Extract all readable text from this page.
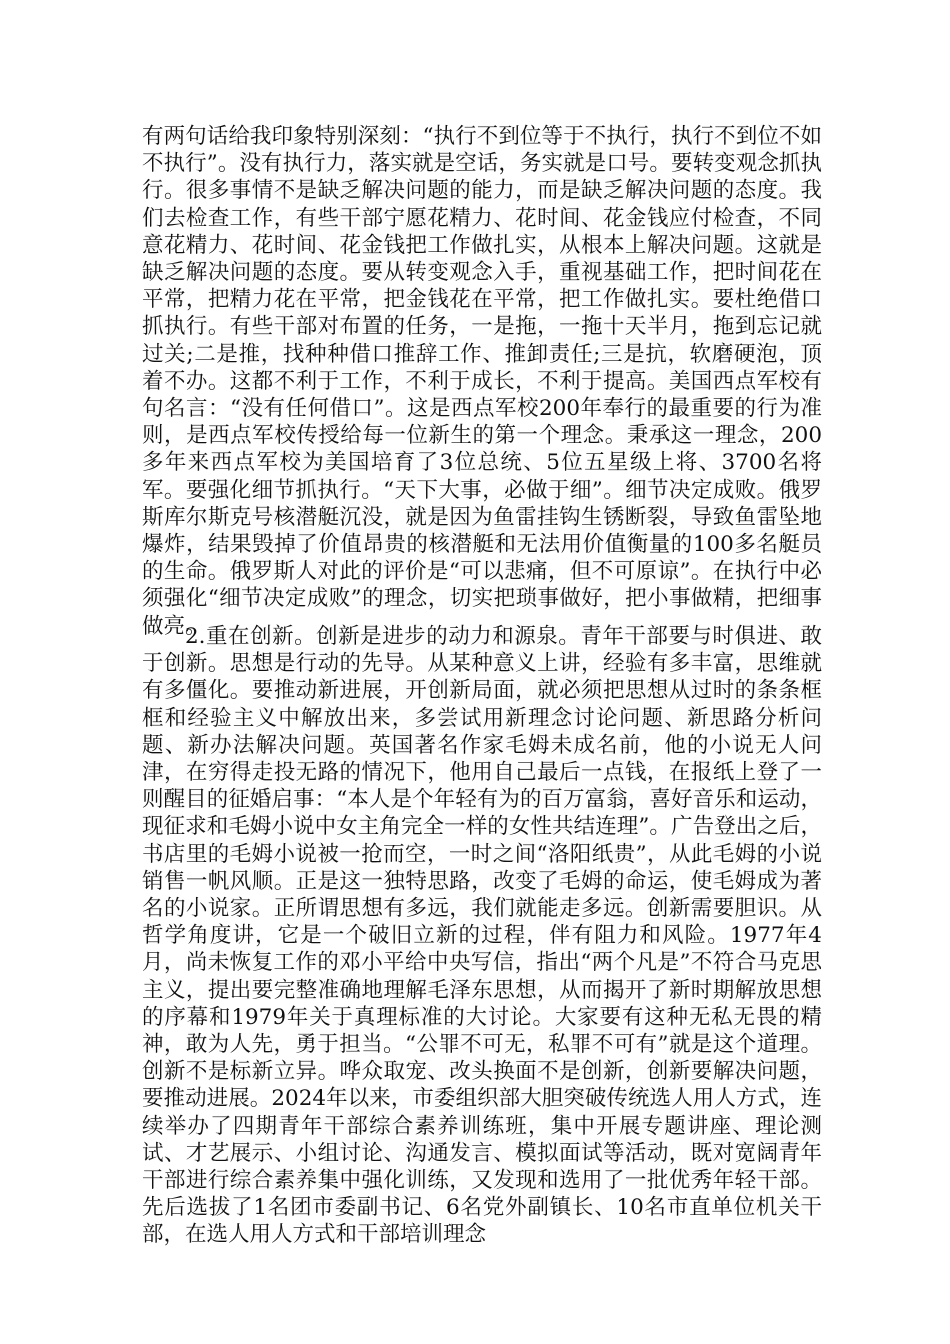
有两句话给我印象特别深刻：“执行不到位等于不执行，执行不到位不如不执行”。没有执行力，落实就是空话，务实就是口号。要转变观念抓执行。很多事情不是缺乏解决问题的能力，而是缺乏解决问题的态度。我们去检查工作，有些干部宁愿花精力、花时间、花金钱应付检查，不同意花精力、花时间、花金钱把工作做扎实，从根本上解决问题。这就是缺乏解决问题的态度。要从转变观念入手，重视基础工作，把时间花在平常，把精力花在平常，把金钱花在平常，把工作做扎实。要杜绝借口抓执行。有些干部对布置的任务，一是拖，一拖十天半月，拖到忘记就过关;二是推，找种种借口推辞工作、推卸责任;三是抗，软磨硬泡，顶着不办。这都不利于工作，不利于成长，不利于提高。美国西点军校有句名言：“没有任何借口”。这是西点军校200年奉行的最重要的行为准则，是西点军校传授给每一位新生的第一个理念。秉承这一理念，200多年来西点军校为美国培育了3位总统、5位五星级上将、3700名将军。要强化细节抓执行。“天下大事，必做于细”。细节决定成败。俄罗斯库尔斯克号核潜艇沉没，就是因为鱼雷挂钩生锈断裂，导致鱼雷坠地爆炸，结果毁掉了价值昂贵的核潜艇和无法用价值衡量的100多名艇员的生命。俄罗斯人对此的评价是“可以悲痛，但不可原谅”。在执行中必须强化“细节决定成败”的理念，切实把琐事做好，把小事做精，把细事做亮。

2.重在创新。创新是进步的动力和源泉。青年干部要与时俱进、敢于创新。思想是行动的先导。从某种意义上讲，经验有多丰富，思维就有多僵化。要推动新进展，开创新局面，就必须把思想从过时的条条框框和经验主义中解放出来，多尝试用新理念讨论问题、新思路分析问题、新办法解决问题。英国著名作家毛姆未成名前，他的小说无人问津，在穷得走投无路的情况下，他用自己最后一点钱，在报纸上登了一则醒目的征婚启事：“本人是个年轻有为的百万富翁，喜好音乐和运动，现征求和毛姆小说中女主角完全一样的女性共结连理”。广告登出之后，书店里的毛姆小说被一抢而空，一时之间“洛阳纸贵”，从此毛姆的小说销售一帆风顺。正是这一独特思路，改变了毛姆的命运，使毛姆成为著名的小说家。正所谓思想有多远，我们就能走多远。创新需要胆识。从哲学角度讲，它是一个破旧立新的过程，伴有阻力和风险。1977年4月，尚未恢复工作的邓小平给中央写信，指出“两个凡是”不符合马克思主义，提出要完整准确地理解毛泽东思想，从而揭开了新时期解放思想的序幕和1979年关于真理标准的大讨论。大家要有这种无私无畏的精神，敢为人先，勇于担当。“公罪不可无，私罪不可有”就是这个道理。创新不是标新立异。哗众取宠、改头换面不是创新，创新要解决问题，要推动进展。2024年以来，市委组织部大胆突破传统选人用人方式，连续举办了四期青年干部综合素养训练班，集中开展专题讲座、理论测试、才艺展示、小组讨论、沟通发言、模拟面试等活动，既对宽阔青年干部进行综合素养集中强化训练，又发现和选用了一批优秀年轻干部。先后选拔了1名团市委副书记、6名党外副镇长、10名市直单位机关干部，在选人用人方式和干部培训理念
